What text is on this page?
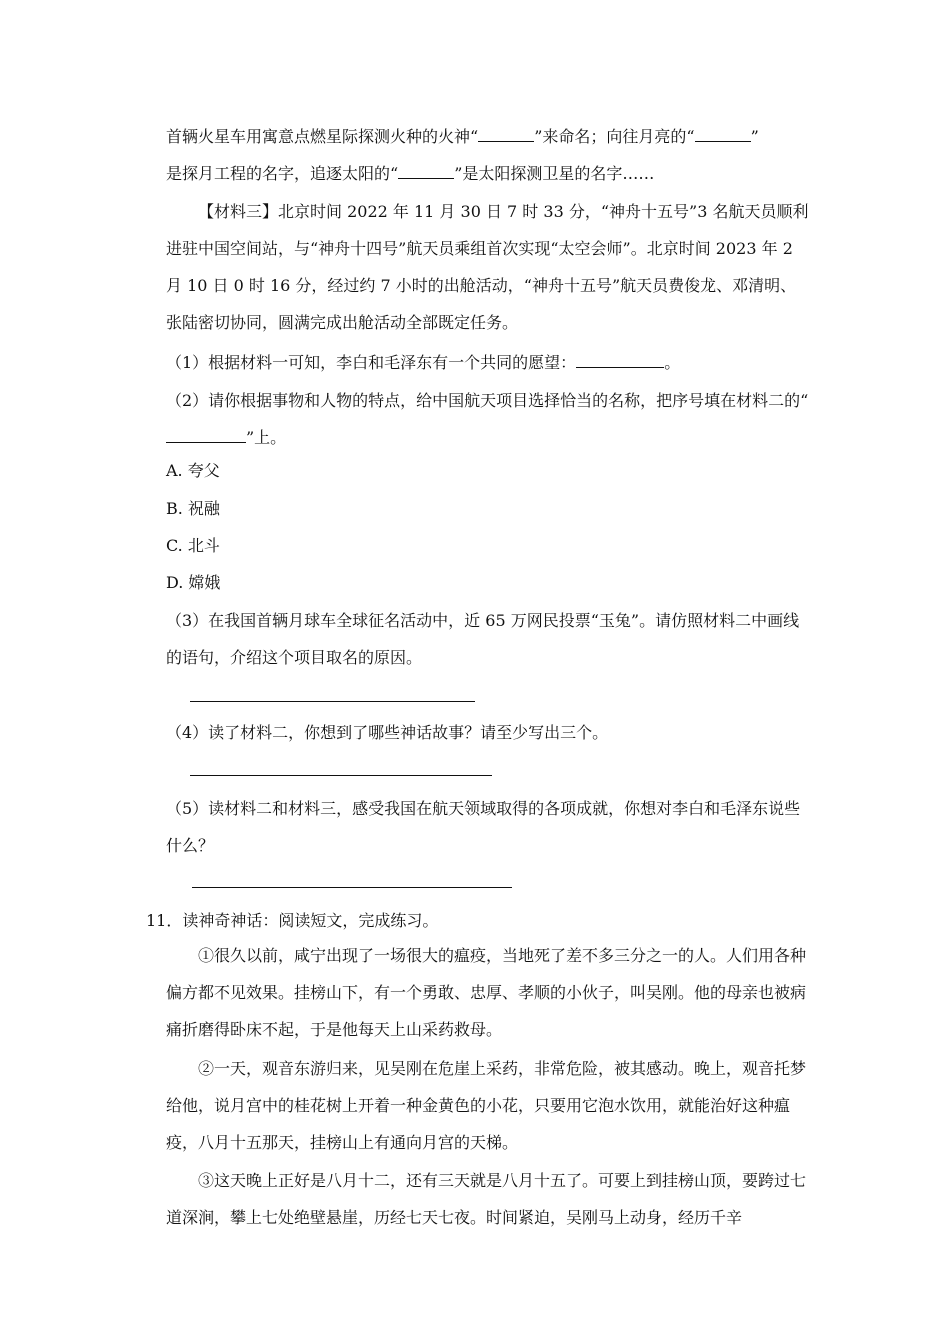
首辆火星车用寓意点燃星际探测火种的火神“	”来命名；向往月亮的“	”
是探月工程的名字，追逐太阳的“	”是太阳探测卫星的名字……

【材料三】北京时间 2022 年 11 月 30 日 7 时 33 分，“神舟十五号”3 名航天员顺利进驻中国空间站，与“神舟十四号”航天员乘组首次实现“太空会师”。北京时间 2023 年 2 月 10 日 0 时 16 分，经过约 7 小时的出舱活动，“神舟十五号”航天员费俊龙、邓清明、张陆密切协同，圆满完成出舱活动全部既定任务。

（1）根据材料一可知，李白和毛泽东有一个共同的愿望：	。

（2）请你根据事物和人物的特点，给中国航天项目选择恰当的名称，把序号填在材料二的“”上。

A. 夸父

B. 祝融

C. 北斗

D. 嫦娥

（3）在我国首辆月球车全球征名活动中，近 65 万网民投票“玉兔”。请仿照材料二中画线的语句，介绍这个项目取名的原因。

（4）读了材料二，你想到了哪些神话故事？请至少写出三个。

（5）读材料二和材料三，感受我国在航天领域取得的各项成就，你想对李白和毛泽东说些什么？

11．读神奇神话：阅读短文，完成练习。

①很久以前，咸宁出现了一场很大的瘟疫，当地死了差不多三分之一的人。人们用各种偏方都不见效果。挂榜山下，有一个勇敢、忠厚、孝顺的小伙子，叫吴刚。他的母亲也被病痛折磨得卧床不起，于是他每天上山采药救母。

②一天，观音东游归来，见吴刚在危崖上采药，非常危险，被其感动。晚上，观音托梦给他，说月宫中的桂花树上开着一种金黄色的小花，只要用它泡水饮用，就能治好这种瘟疫，八月十五那天，挂榜山上有通向月宫的天梯。

③这天晚上正好是八月十二，还有三天就是八月十五了。可要上到挂榜山顶，要跨过七道深涧，攀上七处绝壁悬崖，历经七天七夜。时间紧迫，吴刚马上动身，经历千辛
